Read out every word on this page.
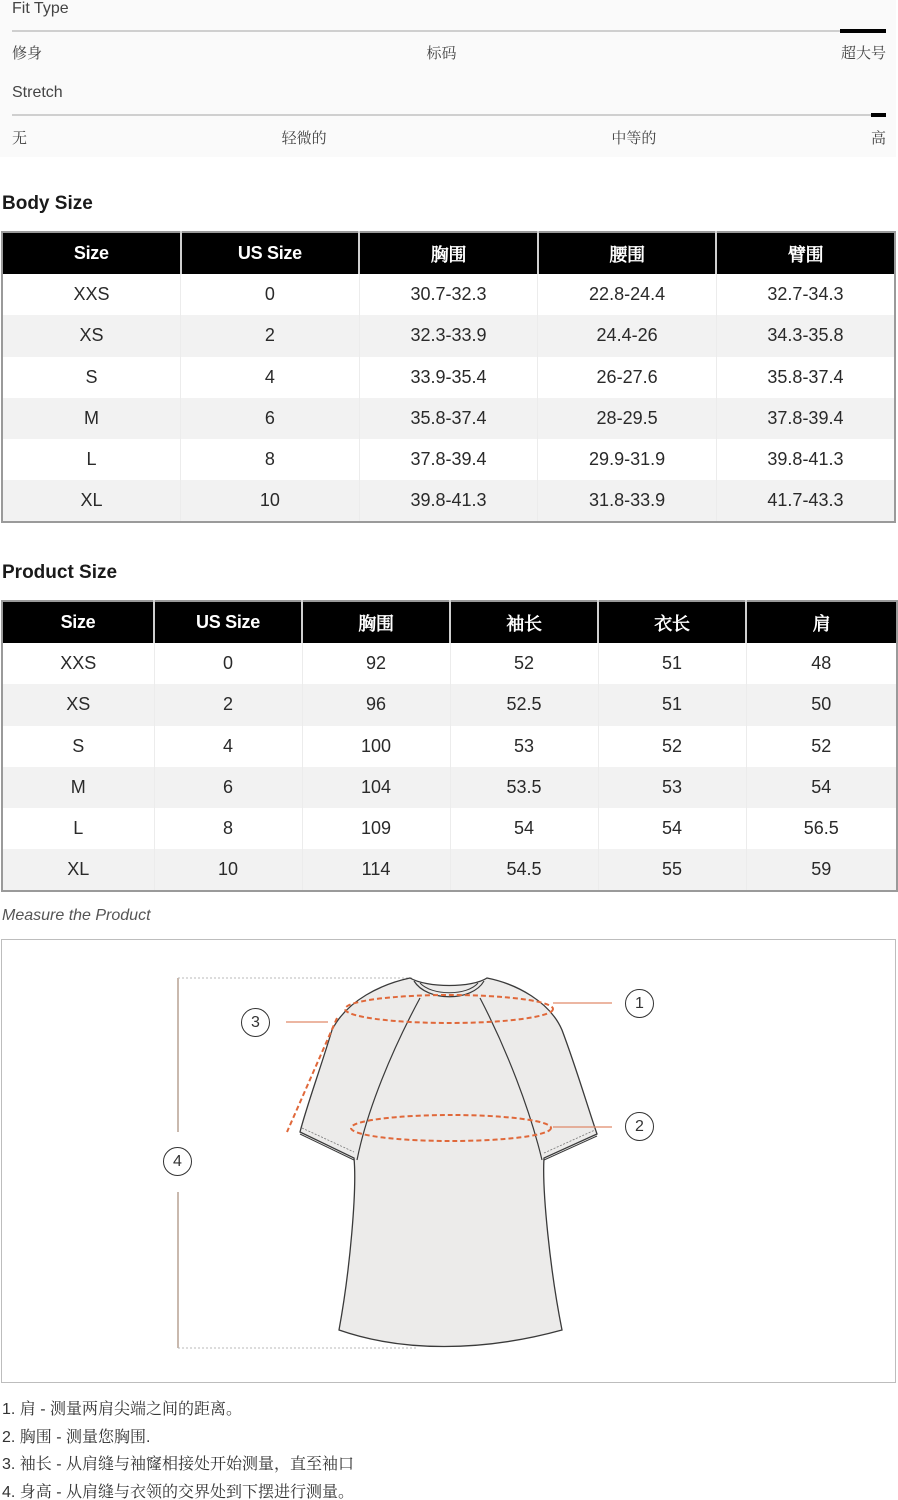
Fit Type
修身	标码	超大号
Stretch
无	轻微的	中等的	高
Body Size
Size	US Size	胸围	腰围	臂围
XXS	0	30.7-32.3	22.8-24.4	32.7-34.3
XS	2	32.3-33.9	24.4-26	34.3-35.8
S	4	33.9-35.4	26-27.6	35.8-37.4
M	6	35.8-37.4	28-29.5	37.8-39.4
L	8	37.8-39.4	29.9-31.9	39.8-41.3
XL	10	39.8-41.3	31.8-33.9	41.7-43.3
Product Size
Size	US Size	胸围	袖长	衣长	肩
XXS	0	92	52	51	48
XS	2	96	52.5	51	50
S	4	100	53	52	52
M	6	104	53.5	53	54
L	8	109	54	54	56.5
XL	10	114	54.5	55	59
Measure the Product
1
2
3
4
1. 肩 - 测量两肩尖端之间的距离。
2. 胸围 - 测量您胸围.
3. 袖长 - 从肩缝与袖窿相接处开始测量，直至袖口
4. 身高 - 从肩缝与衣领的交界处到下摆进行测量。
